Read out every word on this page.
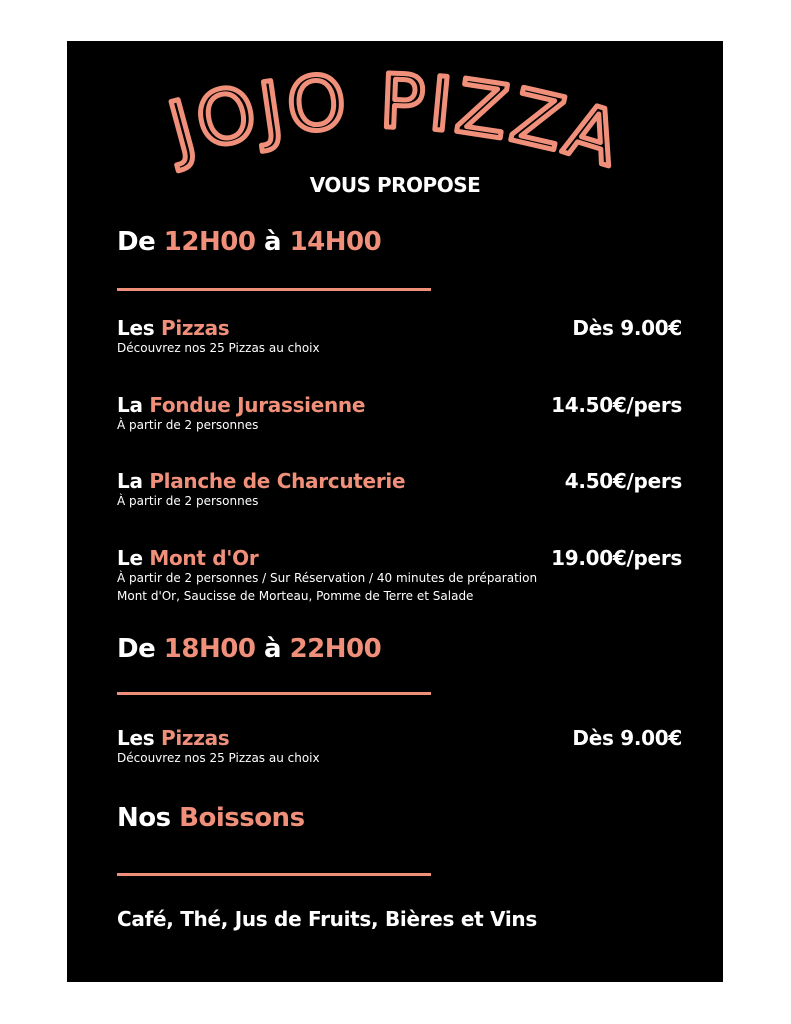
JOJO PIZZA
VOUS PROPOSE
De 12H00 à 14H00
Les Pizzas	Dès 9.00€
Découvrez nos 25 Pizzas au choix
La Fondue Jurassienne	14.50€/pers
À partir de 2 personnes
La Planche de Charcuterie	4.50€/pers
À partir de 2 personnes
Le Mont d'Or	19.00€/pers
À partir de 2 personnes / Sur Réservation / 40 minutes de préparation
Mont d'Or, Saucisse de Morteau, Pomme de Terre et Salade
De 18H00 à 22H00
Les Pizzas	Dès 9.00€
Découvrez nos 25 Pizzas au choix
Nos Boissons
Café, Thé, Jus de Fruits, Bières et Vins
